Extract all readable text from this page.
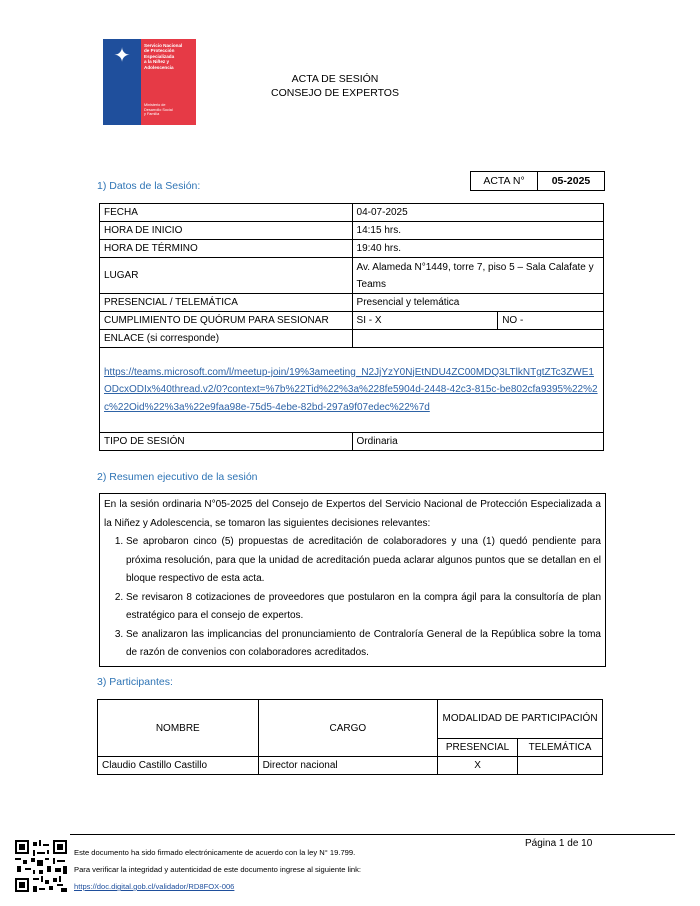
✦	Servicio Nacional
de Protección
Especializada
a la Niñez y
Adolescencia
Ministerio de
Desarrollo Social
y Familia
ACTA DE SESIÓN
CONSEJO DE EXPERTOS
1) Datos de la Sesión:	ACTA N°	05-2025
FECHA	04-07-2025	
HORA DE INICIO	14:15 hrs.	
HORA DE TÉRMINO	19:40 hrs.	
LUGAR	Av. Alameda N°1449, torre 7, piso 5 – Sala Calafate y Teams	
PRESENCIAL / TELEMÁTICA	Presencial y telemática	
CUMPLIMIENTO DE QUÓRUM PARA SESIONAR	SI - X	NO -
ENLACE (si corresponde)		
https://teams.microsoft.com/l/meetup-join/19%3ameeting_N2JjYzY0NjEtNDU4ZC00MDQ3LTlkNTgtZTc3ZWE1ODcxODIx%40thread.v2/0?context=%7b%22Tid%22%3a%228fe5904d-2448-42c3-815c-be802cfa9395%22%2c%22Oid%22%3a%22e9faa98e-75d5-4ebe-82bd-297a9f07edec%22%7d		
TIPO DE SESIÓN	Ordinaria	
2) Resumen ejecutivo de la sesión

En la sesión ordinaria N°05-2025 del Consejo de Expertos del Servicio Nacional de Protección Especializada a la Niñez y Adolescencia, se tomaron las siguientes decisiones relevantes:

1. Se aprobaron cinco (5) propuestas de acreditación de colaboradores y una (1) quedó pendiente para próxima resolución, para que la unidad de acreditación pueda aclarar algunos puntos que se detallan en el bloque respectivo de esta acta.
2. Se revisaron 8 cotizaciones de proveedores que postularon en la compra ágil para la consultoría de plan estratégico para el consejo de expertos.
3. Se analizaron las implicancias del pronunciamiento de Contraloría General de la República sobre la toma de razón de convenios con colaboradores acreditados.
3) Participantes:
NOMBRE	CARGO	MODALIDAD DE PARTICIPACIÓN	
		PRESENCIAL	TELEMÁTICA
Claudio Castillo Castillo	Director nacional	X	
Página 1 de 10
Este documento ha sido firmado electrónicamente de acuerdo con la ley N° 19.799.
Para verificar la integridad y autenticidad de este documento ingrese al siguiente link:
https://doc.digital.gob.cl/validador/RD8FOX-006
